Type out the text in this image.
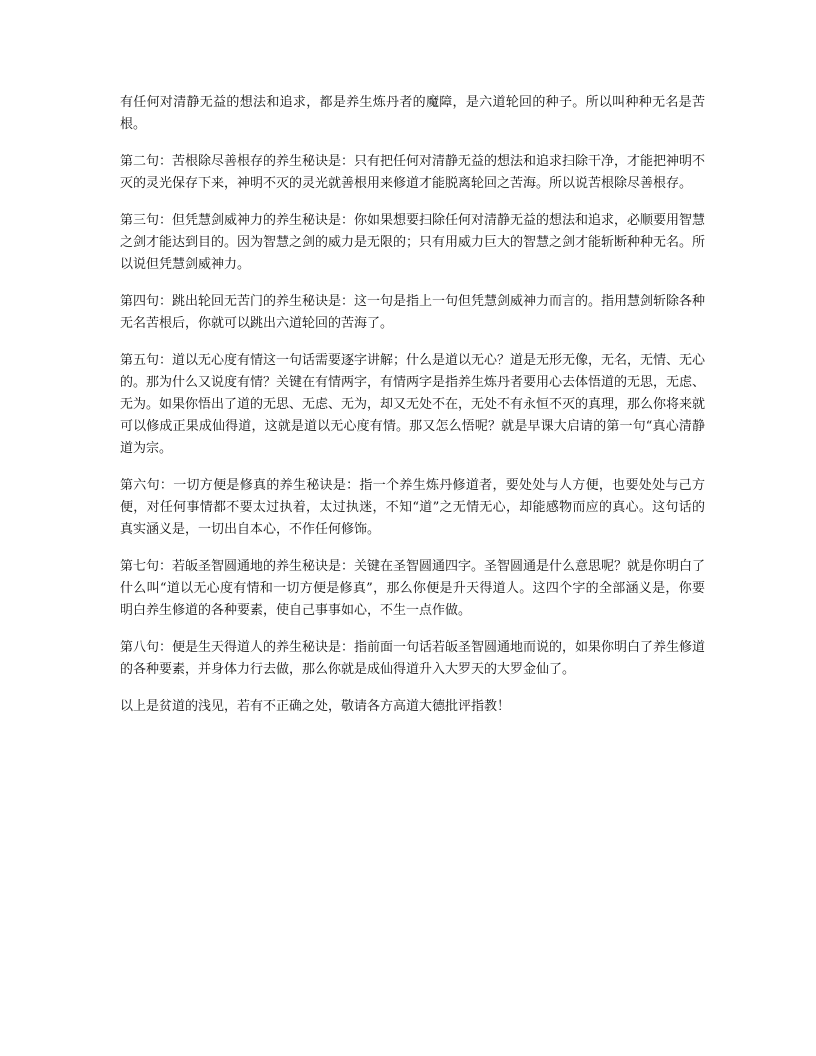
有任何对清静无益的想法和追求，都是养生炼丹者的魔障，是六道轮回的种子。所以叫种种无名是苦根。

第二句：苦根除尽善根存的养生秘诀是：只有把任何对清静无益的想法和追求扫除干净，才能把神明不灭的灵光保存下来，神明不灭的灵光就善根用来修道才能脱离轮回之苦海。所以说苦根除尽善根存。

第三句：但凭慧剑威神力的养生秘诀是：你如果想要扫除任何对清静无益的想法和追求，必顺要用智慧之剑才能达到目的。因为智慧之剑的威力是无限的；只有用威力巨大的智慧之剑才能斩断种种无名。所以说但凭慧剑威神力。

第四句：跳出轮回无苦门的养生秘诀是：这一句是指上一句但凭慧剑威神力而言的。指用慧剑斩除各种无名苦根后，你就可以跳出六道轮回的苦海了。

第五句：道以无心度有情这一句话需要逐字讲解；什么是道以无心？道是无形无像，无名，无情、无心的。那为什么又说度有情？关键在有情两字，有情两字是指养生炼丹者要用心去体悟道的无思，无虑、无为。如果你悟出了道的无思、无虑、无为，却又无处不在，无处不有永恒不灭的真理，那么你将来就可以修成正果成仙得道，这就是道以无心度有情。那又怎么悟呢？就是早课大启请的第一句“真心清静道为宗。

第六句：一切方便是修真的养生秘诀是：指一个养生炼丹修道者，要处处与人方便，也要处处与己方便，对任何事情都不要太过执着，太过执迷，不知“道”之无情无心，却能感物而应的真心。这句话的真实涵义是，一切出自本心，不作任何修饰。

第七句：若皈圣智圆通地的养生秘诀是：关键在圣智圆通四字。圣智圆通是什么意思呢？就是你明白了什么叫“道以无心度有情和一切方便是修真”，那么你便是升天得道人。这四个字的全部涵义是，你要明白养生修道的各种要素，使自己事事如心，不生一点作做。

第八句：便是生天得道人的养生秘诀是：指前面一句话若皈圣智圆通地而说的，如果你明白了养生修道的各种要素，并身体力行去做，那么你就是成仙得道升入大罗天的大罗金仙了。

以上是贫道的浅见，若有不正确之处，敬请各方高道大德批评指教！
